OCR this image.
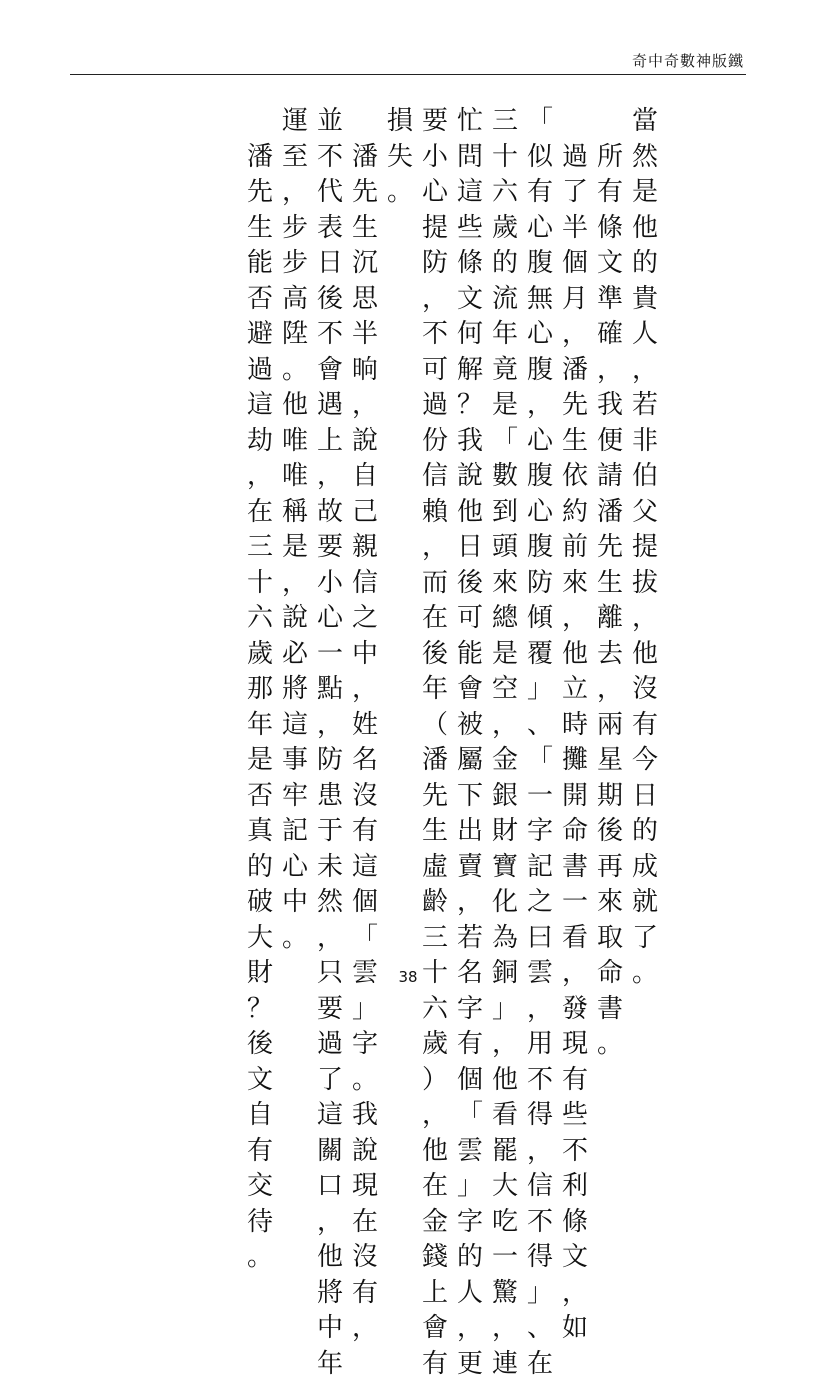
奇中奇數神版鐵
當
然
是
他
的
貴
人
，
若
非
伯
父
提
拔
，
他
沒
有
今
日
的
成
就
了
。

所
有
條
文
準
確
，
我
便
請
潘
先
生
離
去
，
兩
星
期
後
再
來
取
命
書
。

過
了
半
個
月
，
潘
先
生
依
約
前
來
，
他
立
時
攤
開
命
書
一
看
，
發
現
有
些
不
利
條
文
，
如
「
似
有
心
腹
無
心
腹
，
心
腹
心
腹
防
傾
覆
」
、
「
一
字
記
之
曰
雲
，
用
不
得
，
信
不
得
」
、
在
三
十
六
歲
的
流
年
竟
是
「
數
到
頭
來
總
是
空
，
金
銀
財
寶
化
為
銅
」
，
他
看
罷
大
吃
一
驚
，
連
忙
問
這
些
條
文
何
解
？
我
說
他
日
後
可
能
會
被
屬
下
出
賣
，
若
名
字
有
個
「
雲
」
字
的
人
，
更
要
小
心
提
防
，
不
可
過
份
信
賴
，
而
在
後
年
（
潘
先
生
虛
齡
三
十
六
歲
）
，
他
在
金
錢
上
會
有
損
失
。

潘
先
生
沉
思
半
晌
，
說
自
己
親
信
之
中
，
姓
名
沒
有
這
個
「
雲
」
字
。
我
說
現
在
沒
有
，
並
不
代
表
日
後
不
會
遇
上
，
故
要
小
心
一
點
，
防
患
于
未
然
，
只
要
過
了
這
關
口
，
他
將
中
年
運
至
，
步
步
高
陞
。
他
唯
唯
稱
是
，
說
必
將
這
事
牢
記
心
中
。

潘
先
生
能
否
避
過
這
劫
，
在
三
十
六
歲
那
年
是
否
真
的
破
大
財
？
後
文
自
有
交
待
。
38
